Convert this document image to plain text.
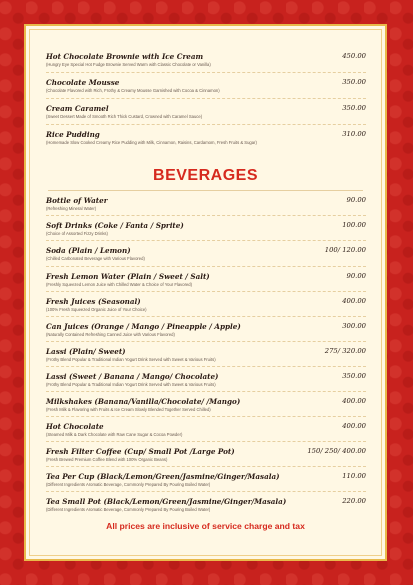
Hot Chocolate Brownie with Ice Cream
(Hungry Eye Special Hot Fudge Brownie Served Warm with Classic Chocolate or Vanilla)
450.00
Chocolate Mousse
(Chocolate Flavored with Rich, Frothy & Creamy Mousse Garnished with Cocoa & Cinnamon)
350.00
Cream Caramel
(Sweet Dessert Made of Smooth Rich Thick Custard, Crowned with Caramel Sauce)
350.00
Rice Pudding
(Homemade Slow Cooked Creamy Rice Pudding with Milk, Cinnamon, Raisins, Cardamom, Fresh Fruits & Sugar)
310.00
BEVERAGES
Bottle of Water
(Refreshing Mineral Water)
90.00
Soft Drinks (Coke / Fanta / Sprite)
(Choice of Assorted Fizzy Drinks)
100.00
Soda (Plain / Lemon)
(Chilled Carbonated Beverage with Various Flavored)
100/ 120.00
Fresh Lemon Water (Plain / Sweet / Salt)
(Freshly Squeezed Lemon Juice with Chilled Water & Choice of Your Flavored)
90.00
Fresh Juices (Seasonal)
(100% Fresh Squeezed Organic Juice of Your Choice)
400.00
Can Juices (Orange / Mango / Pineapple / Apple)
(Naturally Contained Refreshing Canned Juice with Various Flavored)
300.00
Lassi (Plain/ Sweet)
(Frothy Blend Popular & Traditional Indian Yogurt Drink Served with Sweet & Various Fruits)
275/ 320.00
Lassi (Sweet / Banana / Mango/ Chocolate)
(Frothy Blend Popular & Traditional Indian Yogurt Drink Served with Sweet & Various Fruits)
350.00
Milkshakes (Banana/Vanilla/Chocolate/ /Mango)
(Fresh Milk & Flavoring with Fruits & Ice Cream Slowly Blended Together Served Chilled)
400.00
Hot Chocolate
(Steamed Milk & Dark Chocolate with Raw Cane Sugar & Cocoa Powder)
400.00
Fresh Filter Coffee (Cup/ Small Pot /Large Pot)
(Fresh Brewed Premium Coffee Blend with 100% Organic Beans)
150/ 250/ 400.00
Tea Per Cup (Black/Lemon/Green/Jasmine/Ginger/Masala)
(Different Ingredients Aromatic Beverage, Commonly Prepared By Pouring Boiled Water)
110.00
Tea Small Pot (Black/Lemon/Green/Jasmine/Ginger/Masala)
(Different Ingredients Aromatic Beverage, Commonly Prepared By Pouring Boiled Water)
220.00
All prices are inclusive of service charge and tax
